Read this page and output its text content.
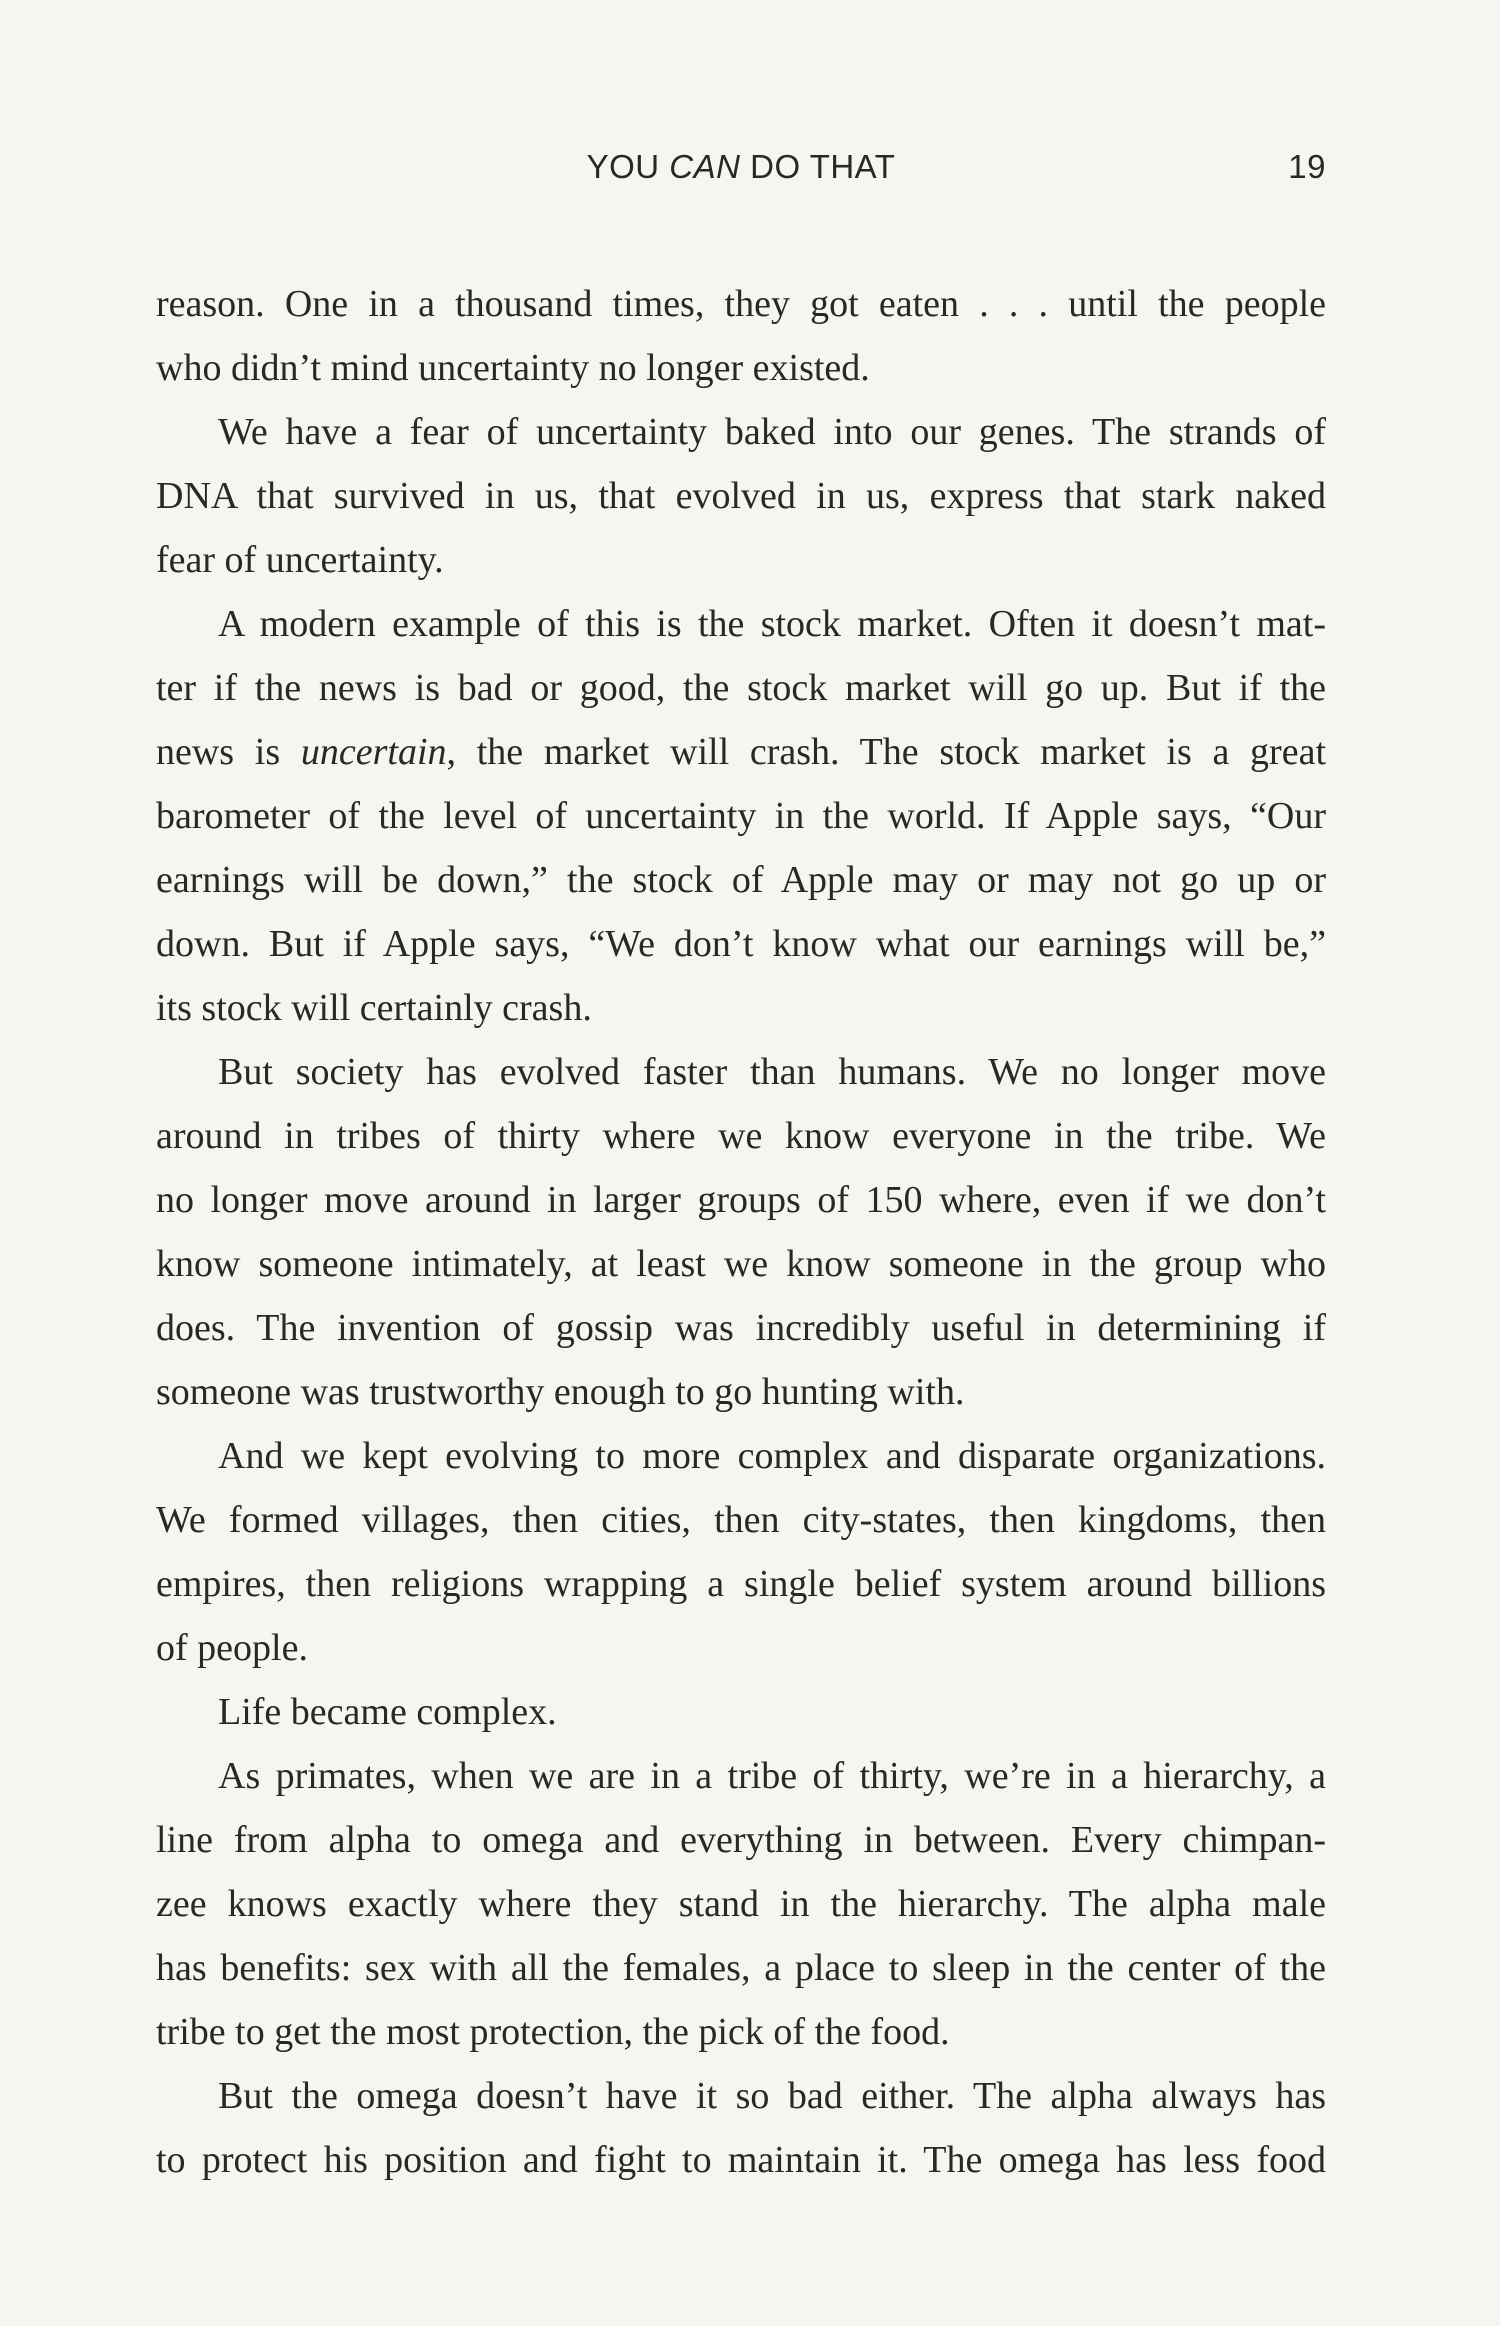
YOU CAN DO THAT	19
reason. One in a thousand times, they got eaten . . . until the people
who didn’t mind uncertainty no longer existed.
We have a fear of uncertainty baked into our genes. The strands of
DNA that survived in us, that evolved in us, express that stark naked
fear of uncertainty.
A modern example of this is the stock market. Often it doesn’t mat-
ter if the news is bad or good, the stock market will go up. But if the
news is uncertain, the market will crash. The stock market is a great
barometer of the level of uncertainty in the world. If Apple says, “Our
earnings will be down,” the stock of Apple may or may not go up or
down. But if Apple says, “We don’t know what our earnings will be,”
its stock will certainly crash.
But society has evolved faster than humans. We no longer move
around in tribes of thirty where we know everyone in the tribe. We
no longer move around in larger groups of 150 where, even if we don’t
know someone intimately, at least we know someone in the group who
does. The invention of gossip was incredibly useful in determining if
someone was trustworthy enough to go hunting with.
And we kept evolving to more complex and disparate organizations.
We formed villages, then cities, then city-states, then kingdoms, then
empires, then religions wrapping a single belief system around billions
of people.
Life became complex.
As primates, when we are in a tribe of thirty, we’re in a hierarchy, a
line from alpha to omega and everything in between. Every chimpan-
zee knows exactly where they stand in the hierarchy. The alpha male
has benefits: sex with all the females, a place to sleep in the center of the
tribe to get the most protection, the pick of the food.
But the omega doesn’t have it so bad either. The alpha always has
to protect his position and fight to maintain it. The omega has less food
